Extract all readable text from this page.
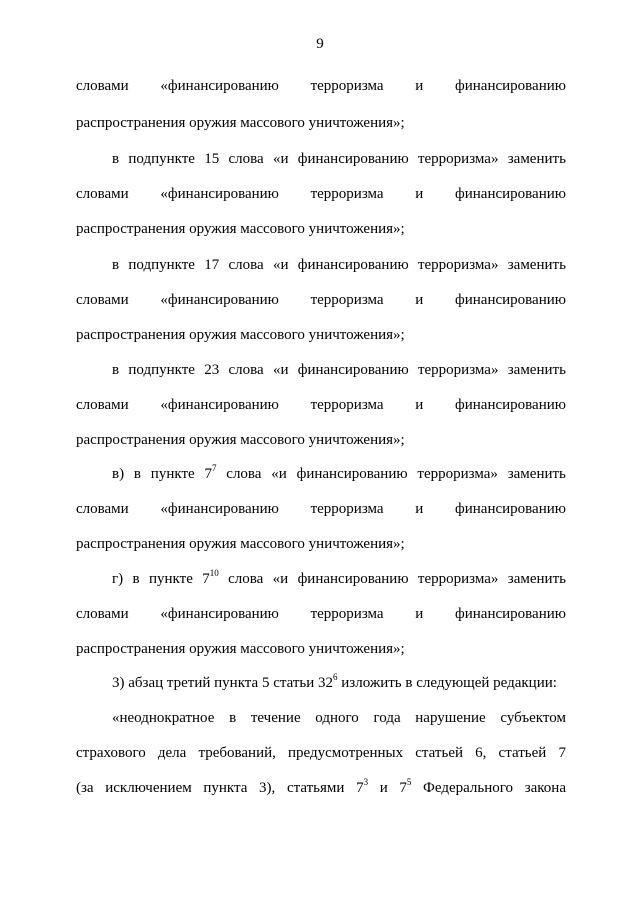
9
словами «финансированию терроризма и финансированию
распространения оружия массового уничтожения»;
в подпункте 15 слова «и финансированию терроризма» заменить
словами «финансированию терроризма и финансированию
распространения оружия массового уничтожения»;
в подпункте 17 слова «и финансированию терроризма» заменить
словами «финансированию терроризма и финансированию
распространения оружия массового уничтожения»;
в подпункте 23 слова «и финансированию терроризма» заменить
словами «финансированию терроризма и финансированию
распространения оружия массового уничтожения»;
в) в пункте $7^7$ слова «и финансированию терроризма» заменить
словами «финансированию терроризма и финансированию
распространения оружия массового уничтожения»;
г) в пункте $7^{10}$ слова «и финансированию терроризма» заменить
словами «финансированию терроризма и финансированию
распространения оружия массового уничтожения»;
3) абзац третий пункта 5 статьи $32^6$ изложить в следующей редакции:
«неоднократное в течение одного года нарушение субъектом
страхового дела требований, предусмотренных статьей 6, статьей 7
(за исключением пункта 3), статьями $7^3$ и $7^5$ Федерального закона
